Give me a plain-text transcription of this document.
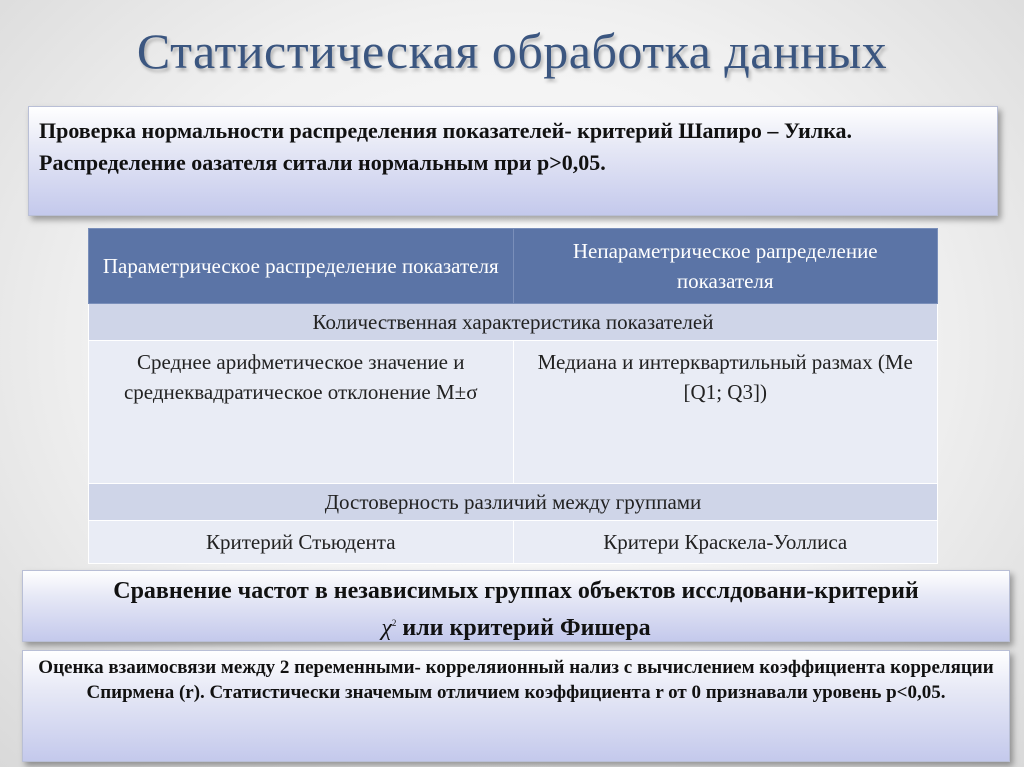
Статистическая обработка данных
Проверка нормальности распределения показателей- критерий Шапиро – Уилка. Распределение оазателя ситали нормальным при p>0,05.
Параметрическое распределение показателя	Непараметрическое рапределение показателя
Количественная характеристика показателей	
Среднее арифметическое значение и среднеквадратическое отклонение M±σ	Медиана и интерквартильный размах (Me [Q1; Q3])
Достоверность различий между группами	
Критерий Стьюдента	Критери Краскела-Уоллиса
Сравнение частот в независимых группах объектов исслдовани-критерий
$\chi^2$ или критерий Фишера
Оценка взаимосвязи между 2 переменными- корреляионный нализ с вычислением коэффициента корреляции Спирмена (r). Статистически значемым отличием коэффициента r от 0 признавали уровень p<0,05.
